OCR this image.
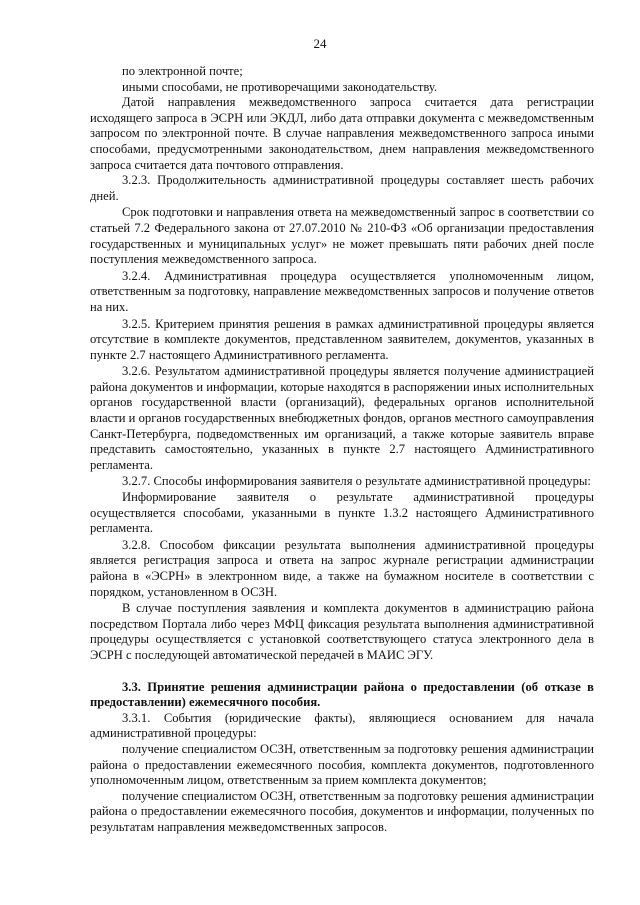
24

по электронной почте;

иными способами, не противоречащими законодательству.

Датой направления межведомственного запроса считается дата регистрации исходящего запроса в ЭСРН или ЭКДЛ, либо дата отправки документа с межведомственным запросом по электронной почте. В случае направления межведомственного запроса иными способами, предусмотренными законодательством, днем направления межведомственного запроса считается дата почтового отправления.

3.2.3. Продолжительность административной процедуры составляет шесть рабочих дней.

Срок подготовки и направления ответа на межведомственный запрос в соответствии со статьей 7.2 Федерального закона от 27.07.2010 № 210-ФЗ «Об организации предоставления государственных и муниципальных услуг» не может превышать пяти рабочих дней после поступления межведомственного запроса.

3.2.4. Административная процедура осуществляется уполномоченным лицом, ответственным за подготовку, направление межведомственных запросов и получение ответов на них.

3.2.5. Критерием принятия решения в рамках административной процедуры является отсутствие в комплекте документов, представленном заявителем, документов, указанных в пункте 2.7 настоящего Административного регламента.

3.2.6. Результатом административной процедуры является получение администрацией района документов и информации, которые находятся в распоряжении иных исполнительных органов государственной власти (организаций), федеральных органов исполнительной власти и органов государственных внебюджетных фондов, органов местного самоуправления Санкт-Петербурга, подведомственных им организаций, а также которые заявитель вправе представить самостоятельно, указанных в пункте 2.7 настоящего Административного регламента.

3.2.7. Способы информирования заявителя о результате административной процедуры:

Информирование заявителя о результате административной процедуры осуществляется способами, указанными в пункте 1.3.2 настоящего Административного регламента.

3.2.8. Способом фиксации результата выполнения административной процедуры является регистрация запроса и ответа на запрос журнале регистрации администрации района в «ЭСРН» в электронном виде, а также на бумажном носителе в соответствии с порядком, установленном в ОСЗН.

В случае поступления заявления и комплекта документов в администрацию района посредством Портала либо через МФЦ фиксация результата выполнения административной процедуры осуществляется с установкой соответствующего статуса электронного дела в ЭСРН с последующей автоматической передачей в МАИС ЭГУ.

3.3. Принятие решения администрации района о предоставлении (об отказе в предоставлении) ежемесячного пособия.

3.3.1. События (юридические факты), являющиеся основанием для начала административной процедуры:

получение специалистом ОСЗН, ответственным за подготовку решения администрации района о предоставлении ежемесячного пособия, комплекта документов, подготовленного уполномоченным лицом, ответственным за прием комплекта документов;

получение специалистом ОСЗН, ответственным за подготовку решения администрации района о предоставлении ежемесячного пособия, документов и информации, полученных по результатам направления межведомственных запросов.
